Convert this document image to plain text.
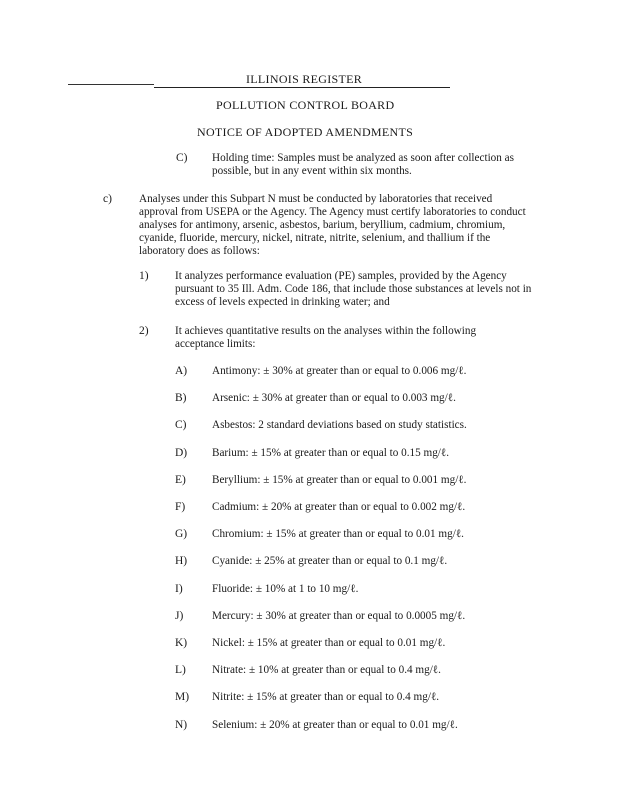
ILLINOIS REGISTER
POLLUTION CONTROL BOARD
NOTICE OF ADOPTED AMENDMENTS
C) Holding time: Samples must be analyzed as soon after collection as possible, but in any event within six months.
c) Analyses under this Subpart N must be conducted by laboratories that received approval from USEPA or the Agency. The Agency must certify laboratories to conduct analyses for antimony, arsenic, asbestos, barium, beryllium, cadmium, chromium, cyanide, fluoride, mercury, nickel, nitrate, nitrite, selenium, and thallium if the laboratory does as follows:
1) It analyzes performance evaluation (PE) samples, provided by the Agency pursuant to 35 Ill. Adm. Code 186, that include those substances at levels not in excess of levels expected in drinking water; and
2) It achieves quantitative results on the analyses within the following acceptance limits:
A) Antimony: ± 30% at greater than or equal to 0.006 mg/ℓ.
B) Arsenic: ± 30% at greater than or equal to 0.003 mg/ℓ.
C) Asbestos: 2 standard deviations based on study statistics.
D) Barium: ± 15% at greater than or equal to 0.15 mg/ℓ.
E) Beryllium: ± 15% at greater than or equal to 0.001 mg/ℓ.
F) Cadmium: ± 20% at greater than or equal to 0.002 mg/ℓ.
G) Chromium: ± 15% at greater than or equal to 0.01 mg/ℓ.
H) Cyanide: ± 25% at greater than or equal to 0.1 mg/ℓ.
I)	Fluoride: ± 10% at 1 to 10 mg/ℓ.
J)	Mercury: ± 30% at greater than or equal to 0.0005 mg/ℓ.
K) Nickel: ± 15% at greater than or equal to 0.01 mg/ℓ.
L) Nitrate: ± 10% at greater than or equal to 0.4 mg/ℓ.
M) Nitrite: ± 15% at greater than or equal to 0.4 mg/ℓ.
N) Selenium: ± 20% at greater than or equal to 0.01 mg/ℓ.
